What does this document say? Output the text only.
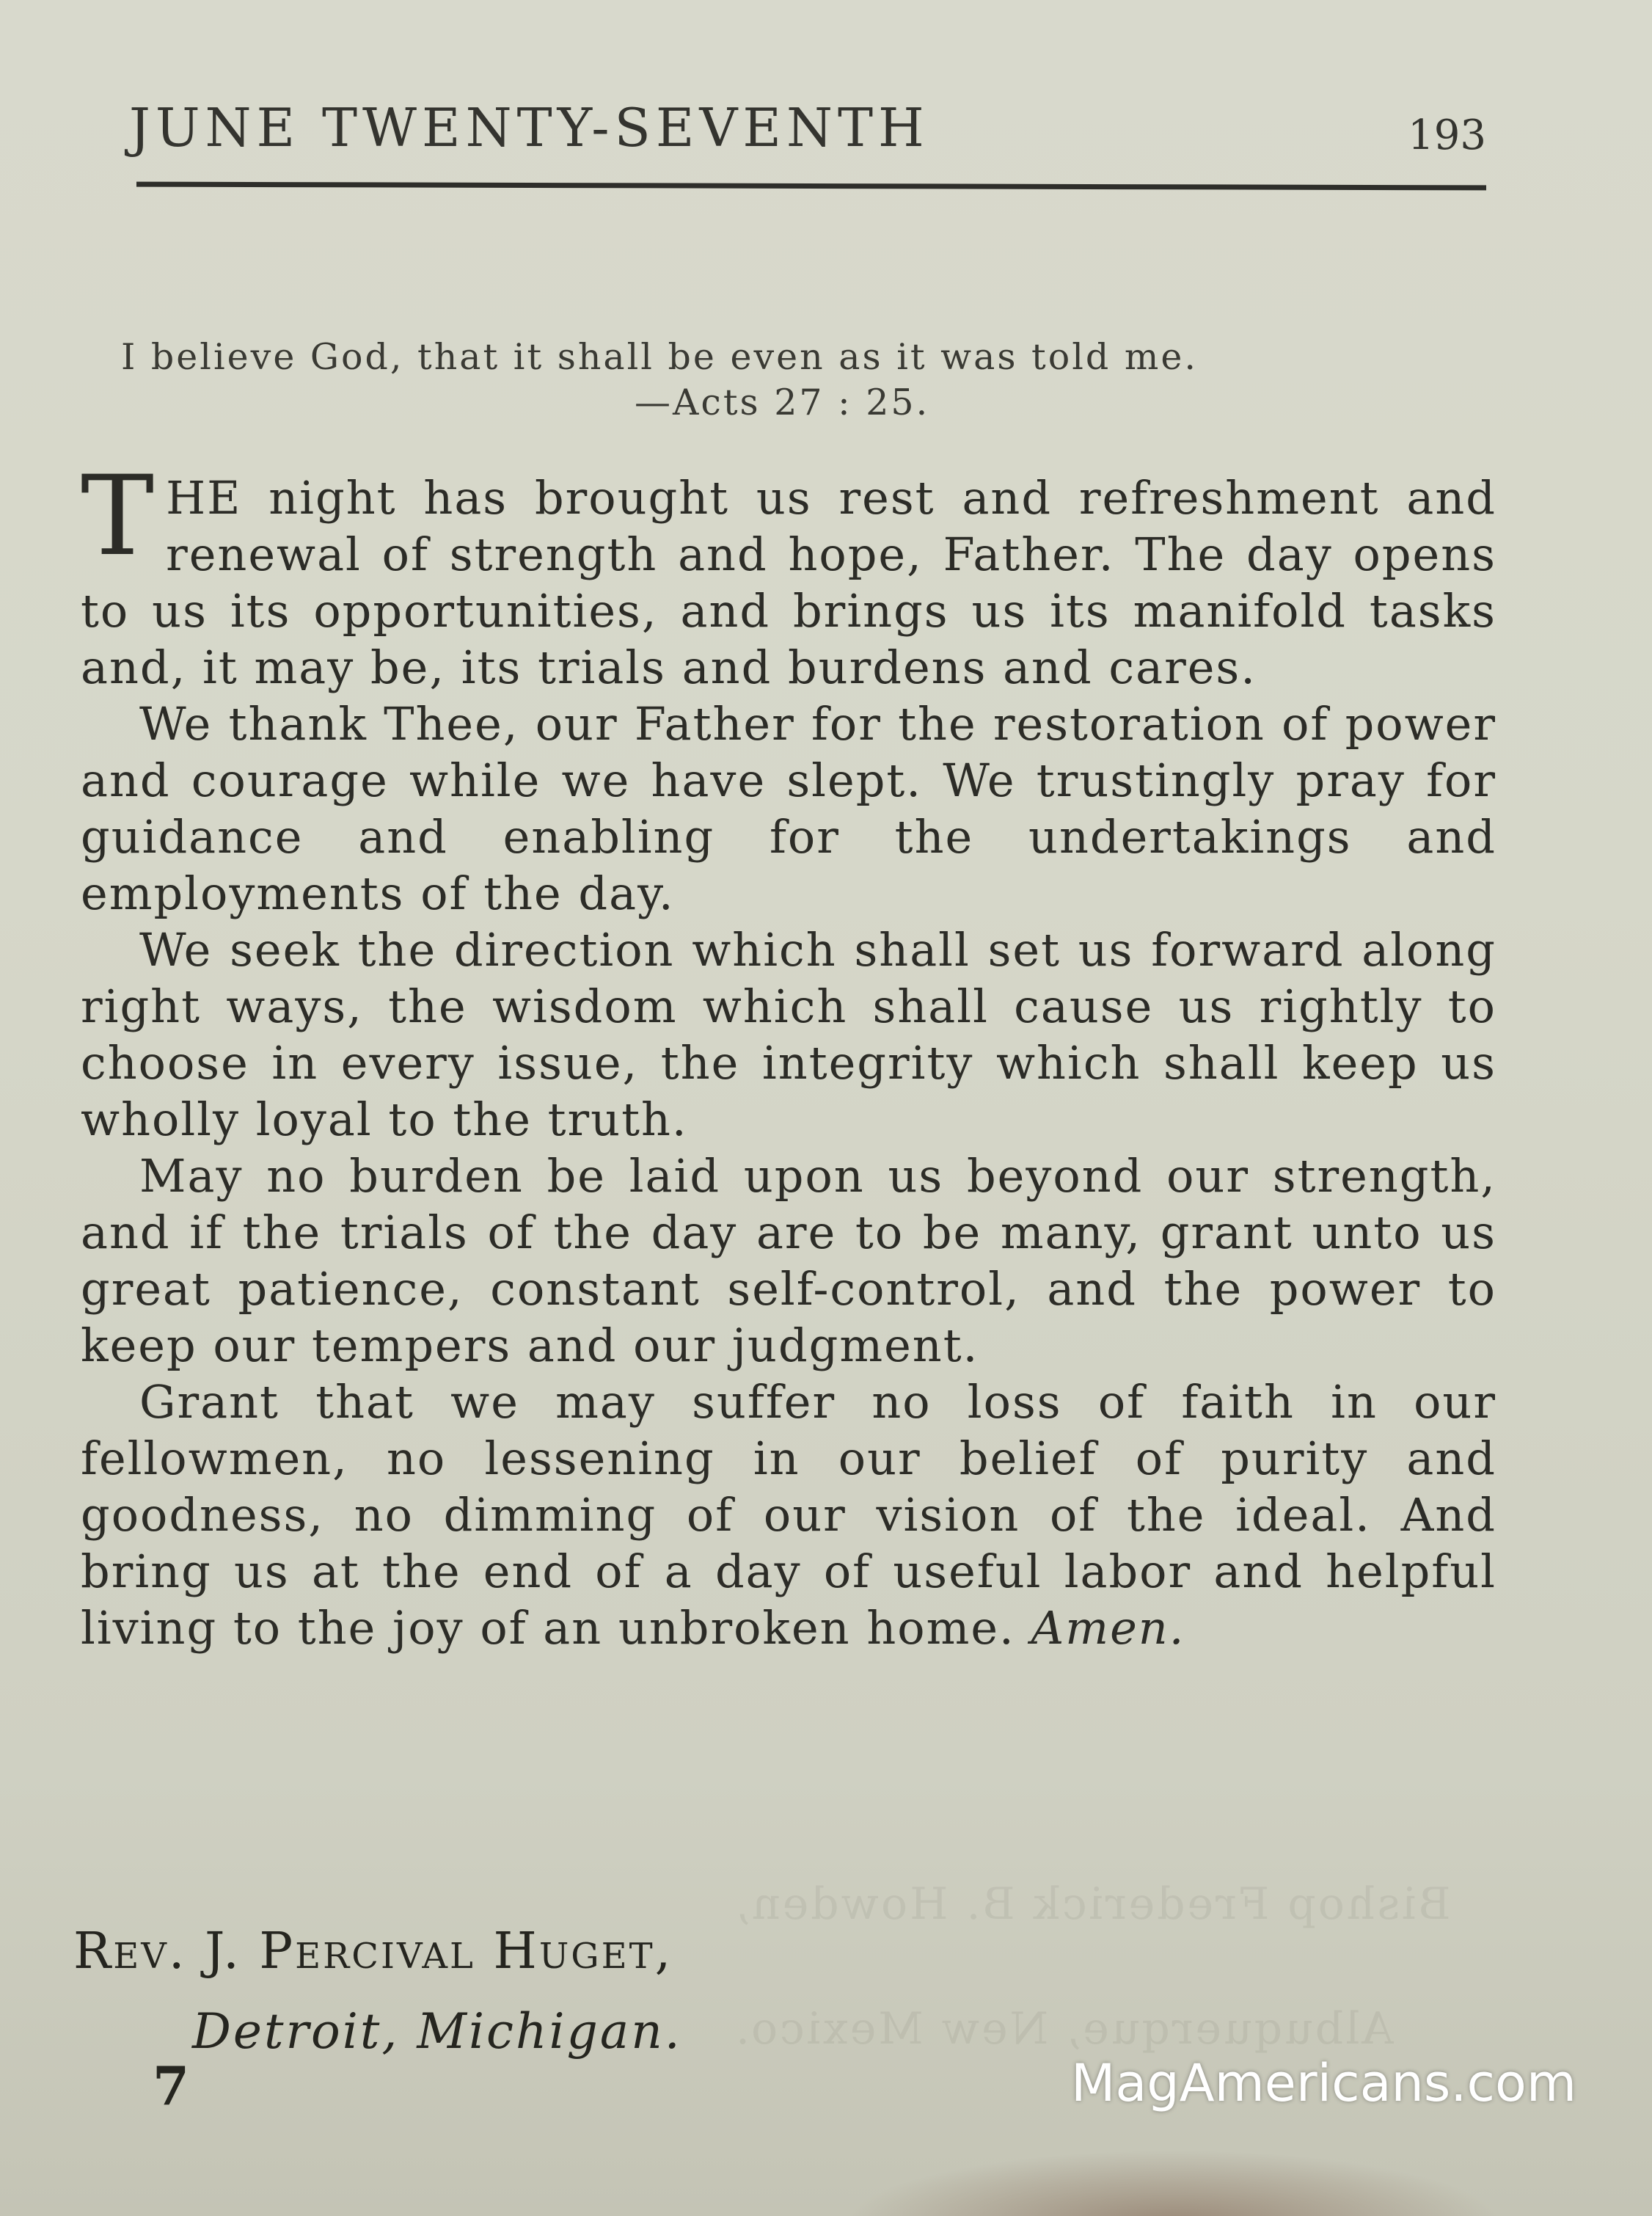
Bishop Frederick B. Howden,
Albuquerque, New Mexico.
JUNE TWENTY-SEVENTH	193
I believe God, that it shall be even as it was told me.
—Acts 27 : 25.

THE night has brought us rest and refreshment and renewal of strength and hope, Father. The day opens to us its opportunities, and brings us its manifold tasks and, it may be, its trials and burdens and cares.

We thank Thee, our Father for the restoration of power and courage while we have slept. We trustingly pray for guidance and enabling for the undertakings and employments of the day.

We seek the direction which shall set us forward along right ways, the wisdom which shall cause us rightly to choose in every issue, the integrity which shall keep us wholly loyal to the truth.

May no burden be laid upon us beyond our strength, and if the trials of the day are to be many, grant unto us great patience, constant self-control, and the power to keep our tempers and our judgment.

Grant that we may suffer no loss of faith in our fellowmen, no lessening in our belief of purity and goodness, no dimming of our vision of the ideal. And bring us at the end of a day of useful labor and helpful living to the joy of an unbroken home. Amen.

Rev. J. Percival Huget,
Detroit, Michigan.
7	MagAmericans.com
